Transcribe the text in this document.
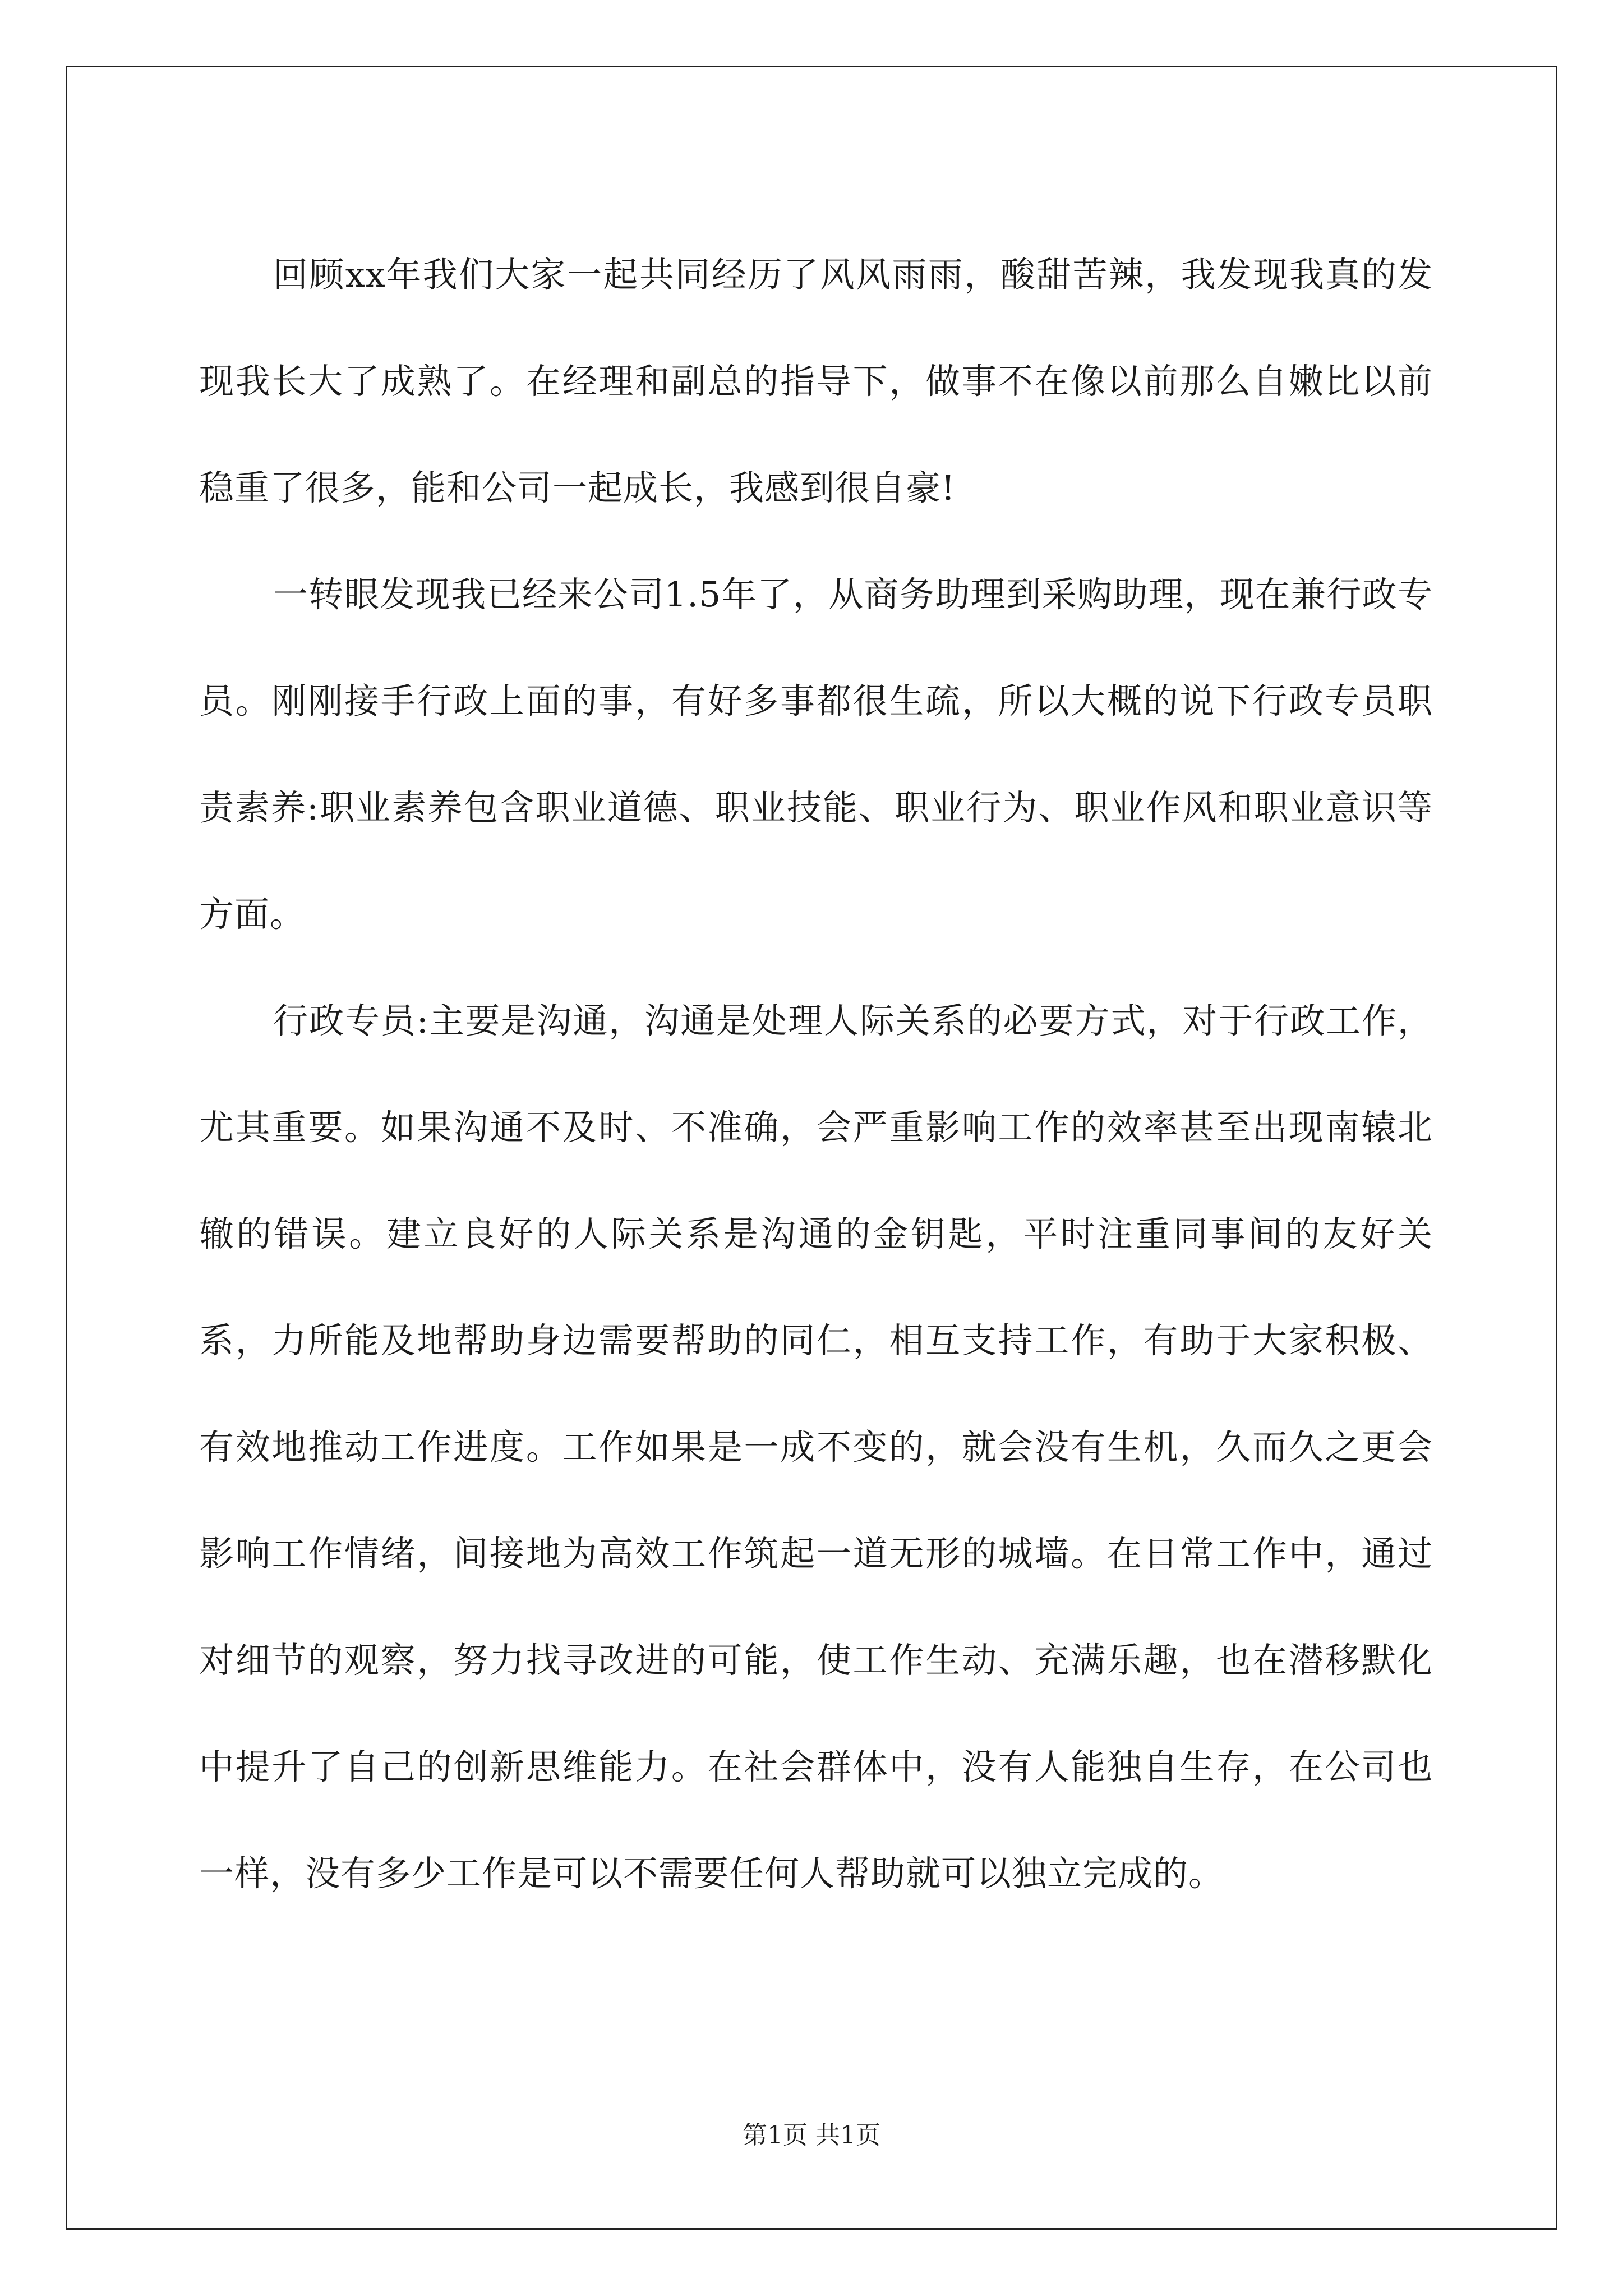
回顾xx年我们大家一起共同经历了风风雨雨，酸甜苦辣，我发现我真的发现我长大了成熟了。在经理和副总的指导下，做事不在像以前那么自嫩比以前稳重了很多，能和公司一起成长，我感到很自豪!

一转眼发现我已经来公司1.5年了，从商务助理到采购助理，现在兼行政专员。刚刚接手行政上面的事，有好多事都很生疏，所以大概的说下行政专员职责素养:职业素养包含职业道德、职业技能、职业行为、职业作风和职业意识等方面。

行政专员:主要是沟通，沟通是处理人际关系的必要方式，对于行政工作，尤其重要。如果沟通不及时、不准确，会严重影响工作的效率甚至出现南辕北辙的错误。建立良好的人际关系是沟通的金钥匙，平时注重同事间的友好关系，力所能及地帮助身边需要帮助的同仁，相互支持工作，有助于大家积极、有效地推动工作进度。工作如果是一成不变的，就会没有生机，久而久之更会影响工作情绪，间接地为高效工作筑起一道无形的城墙。在日常工作中，通过对细节的观察，努力找寻改进的可能，使工作生动、充满乐趣，也在潜移默化中提升了自己的创新思维能力。在社会群体中，没有人能独自生存，在公司也一样，没有多少工作是可以不需要任何人帮助就可以独立完成的。

第1页 共1页
